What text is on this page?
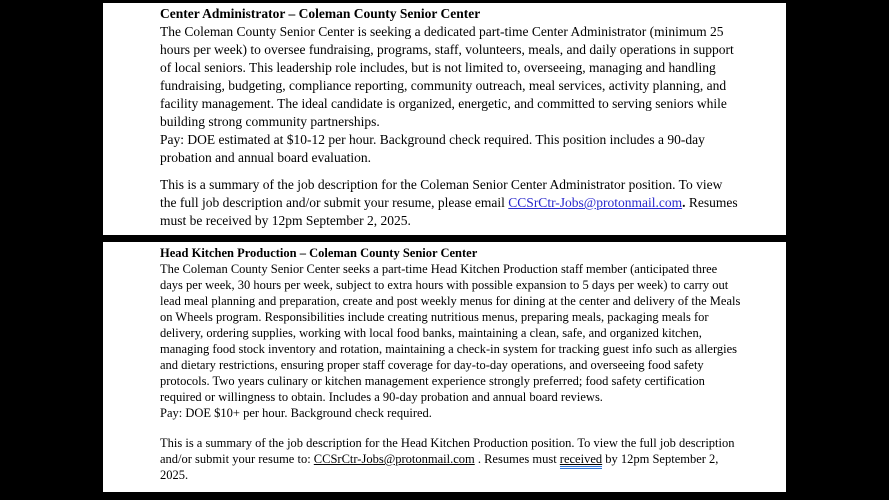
Center Administrator – Coleman County Senior Center

The Coleman County Senior Center is seeking a dedicated part-time Center Administrator (minimum 25 hours per week) to oversee fundraising, programs, staff, volunteers, meals, and daily operations in support of local seniors. This leadership role includes, but is not limited to, overseeing, managing and handling fundraising, budgeting, compliance reporting, community outreach, meal services, activity planning, and facility management. The ideal candidate is organized, energetic, and committed to serving seniors while building strong community partnerships.

Pay: DOE estimated at $10-12 per hour. Background check required. This position includes a 90-day probation and annual board evaluation.

This is a summary of the job description for the Coleman Senior Center Administrator position. To view the full job description and/or submit your resume, please email CCSrCtr-Jobs@protonmail.com. Resumes must be received by 12pm September 2, 2025.

Head Kitchen Production – Coleman County Senior Center

The Coleman County Senior Center seeks a part-time Head Kitchen Production staff member (anticipated three days per week, 30 hours per week, subject to extra hours with possible expansion to 5 days per week) to carry out lead meal planning and preparation, create and post weekly menus for dining at the center and delivery of the Meals on Wheels program. Responsibilities include creating nutritious menus, preparing meals, packaging meals for delivery, ordering supplies, working with local food banks, maintaining a clean, safe, and organized kitchen, managing food stock inventory and rotation, maintaining a check-in system for tracking guest info such as allergies and dietary restrictions, ensuring proper staff coverage for day-to-day operations, and overseeing food safety protocols. Two years culinary or kitchen management experience strongly preferred; food safety certification required or willingness to obtain. Includes a 90-day probation and annual board reviews.

Pay: DOE $10+ per hour. Background check required.

This is a summary of the job description for the Head Kitchen Production position. To view the full job description and/or submit your resume to: CCSrCtr-Jobs@protonmail.com . Resumes must received by 12pm September 2, 2025.
